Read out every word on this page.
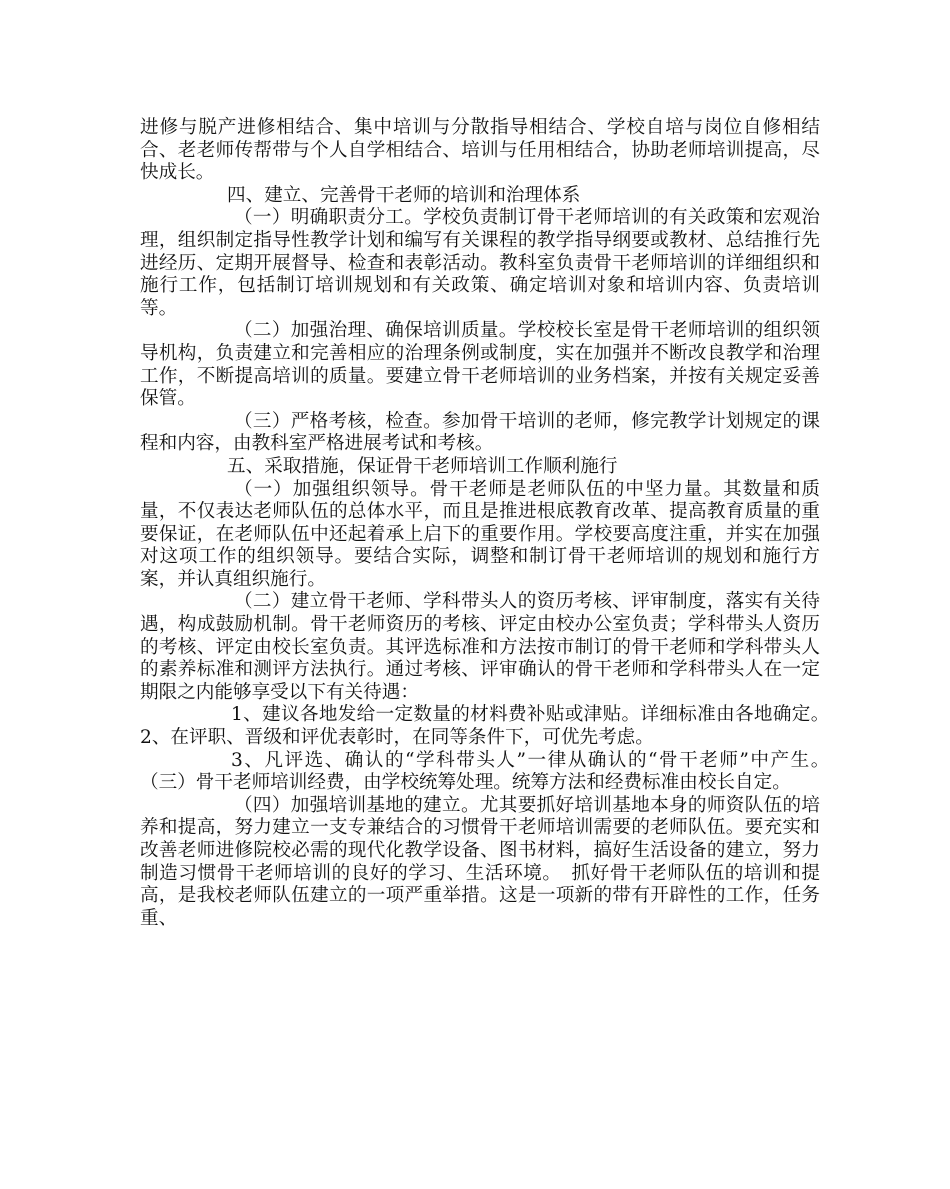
进修与脱产进修相结合、集中培训与分散指导相结合、学校自培与岗位自修相结合、老老师传帮带与个人自学相结合、培训与任用相结合，协助老师培训提高，尽快成长。

四、建立、完善骨干老师的培训和治理体系

（一）明确职责分工。学校负责制订骨干老师培训的有关政策和宏观治理，组织制定指导性教学计划和编写有关课程的教学指导纲要或教材、总结推行先进经历、定期开展督导、检查和表彰活动。教科室负责骨干老师培训的详细组织和施行工作，包括制订培训规划和有关政策、确定培训对象和培训内容、负责培训等。

（二）加强治理、确保培训质量。学校校长室是骨干老师培训的组织领导机构，负责建立和完善相应的治理条例或制度，实在加强并不断改良教学和治理工作，不断提高培训的质量。要建立骨干老师培训的业务档案，并按有关规定妥善保管。

（三）严格考核，检查。参加骨干培训的老师，修完教学计划规定的课程和内容，由教科室严格进展考试和考核。

五、采取措施，保证骨干老师培训工作顺利施行

（一）加强组织领导。骨干老师是老师队伍的中坚力量。其数量和质量，不仅表达老师队伍的总体水平，而且是推进根底教育改革、提高教育质量的重要保证，在老师队伍中还起着承上启下的重要作用。学校要高度注重，并实在加强对这项工作的组织领导。要结合实际，调整和制订骨干老师培训的规划和施行方案，并认真组织施行。

（二）建立骨干老师、学科带头人的资历考核、评审制度，落实有关待遇，构成鼓励机制。骨干老师资历的考核、评定由校办公室负责；学科带头人资历的考核、评定由校长室负责。其评选标准和方法按市制订的骨干老师和学科带头人的素养标准和测评方法执行。通过考核、评审确认的骨干老师和学科带头人在一定期限之内能够享受以下有关待遇：

1、建议各地发给一定数量的材料费补贴或津贴。详细标准由各地确定。　　　2、在评职、晋级和评优表彰时，在同等条件下，可优先考虑。

3、凡评选、确认的“学科带头人”一律从确认的“骨干老师”中产生。　（三）骨干老师培训经费，由学校统筹处理。统筹方法和经费标准由校长自定。

（四）加强培训基地的建立。尤其要抓好培训基地本身的师资队伍的培养和提高，努力建立一支专兼结合的习惯骨干老师培训需要的老师队伍。要充实和改善老师进修院校必需的现代化教学设备、图书材料，搞好生活设备的建立，努力制造习惯骨干老师培训的良好的学习、生活环境。　抓好骨干老师队伍的培训和提高，是我校老师队伍建立的一项严重举措。这是一项新的带有开辟性的工作，任务重、
